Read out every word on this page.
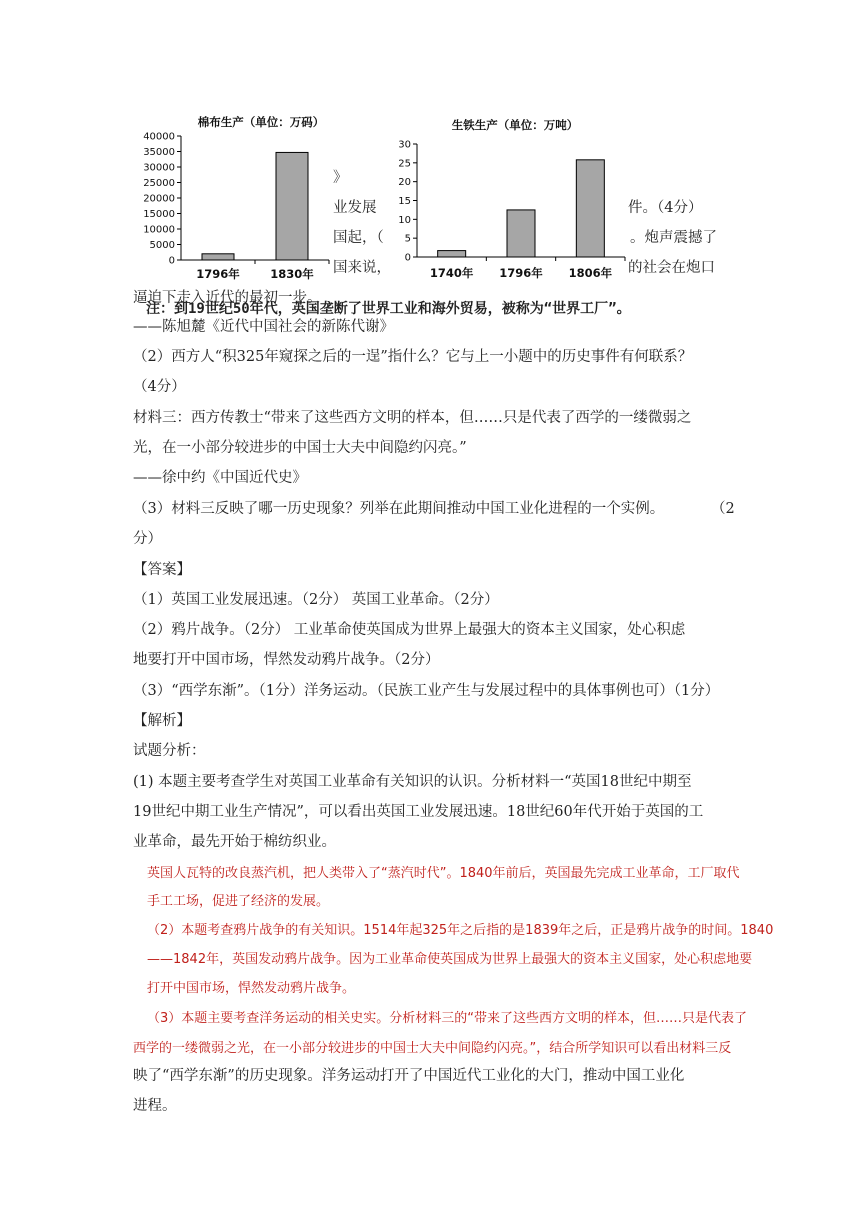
》
业发展	件。（4分）
国起，（	。炮声震撼了
国来说，	的社会在炮口
逼迫下走入近代的最初一步。
棉布生产（单位：万码）
0
5000
10000
15000
20000
25000
30000
35000
40000
1796年	1830年
生铁生产（单位：万吨）
0
5
10
15
20
25
30
1740年 1796年 1806年
注：到19世纪50年代，英国垄断了世界工业和海外贸易，被称为“世界工厂”。
——陈旭麓《近代中国社会的新陈代谢》
（2）西方人“积325年窥探之后的一逞”指什么？它与上一小题中的历史事件有何联系？
（4分）
材料三：西方传教士“带来了这些西方文明的样本，但……只是代表了西学的一缕微弱之
光，在一小部分较进步的中国士大夫中间隐约闪亮。”
——徐中约《中国近代史》
（3）材料三反映了哪一历史现象？列举在此期间推动中国工业化进程的一个实例。	（2
分）
【答案】
（1）英国工业发展迅速。（2分） 英国工业革命。（2分）
（2）鸦片战争。（2分） 工业革命使英国成为世界上最强大的资本主义国家，处心积虑
地要打开中国市场，悍然发动鸦片战争。（2分）
（3）“西学东渐”。（1分）洋务运动。（民族工业产生与发展过程中的具体事例也可）（1分）
【解析】
试题分析：
(1) 本题主要考查学生对英国工业革命有关知识的认识。分析材料一“英国18世纪中期至
19世纪中期工业生产情况”，可以看出英国工业发展迅速。18世纪60年代开始于英国的工
业革命，最先开始于棉纺织业。
英国人瓦特的改良蒸汽机，把人类带入了“蒸汽时代”。1840年前后，英国最先完成工业革命，工厂取代
手工工场，促进了经济的发展。
（2）本题考查鸦片战争的有关知识。1514年起325年之后指的是1839年之后，正是鸦片战争的时间。1840
——1842年，英国发动鸦片战争。因为工业革命使英国成为世界上最强大的资本主义国家，处心积虑地要
打开中国市场，悍然发动鸦片战争。
（3）本题主要考查洋务运动的相关史实。分析材料三的“带来了这些西方文明的样本，但……只是代表了
西学的一缕微弱之光，在一小部分较进步的中国士大夫中间隐约闪亮。”，结合所学知识可以看出材料三反
映了“西学东渐”的历史现象。洋务运动打开了中国近代工业化的大门，推动中国工业化
进程。
